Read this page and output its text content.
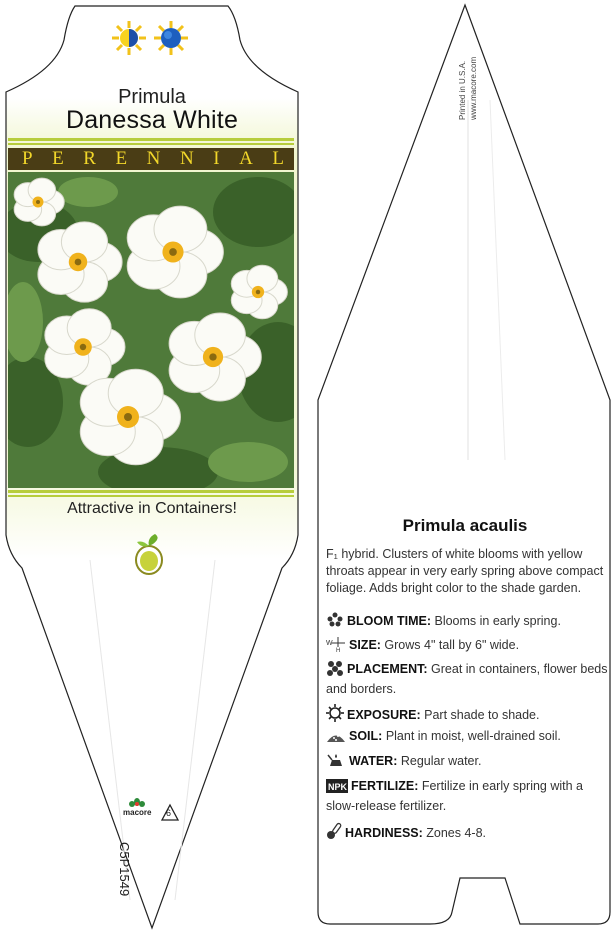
Primula
Danessa White
P E R E N N I A L
Attractive in Containers!
macore 6
C5P1549
Printed in U.S.A. www.macore.com
Primula acaulis
F₁ hybrid. Clusters of white blooms with yellow throats appear in very early spring above compact foliage. Adds bright color to the shade garden.
BLOOM TIME: Blooms in early spring.
W
H SIZE: Grows 4" tall by 6" wide.
PLACEMENT: Great in containers, flower beds and borders.
EXPOSURE: Part shade to shade.
SOIL: Plant in moist, well-drained soil.
WATER: Regular water.
NPK FERTILIZE: Fertilize in early spring with a slow-release fertilizer.
HARDINESS: Zones 4-8.
